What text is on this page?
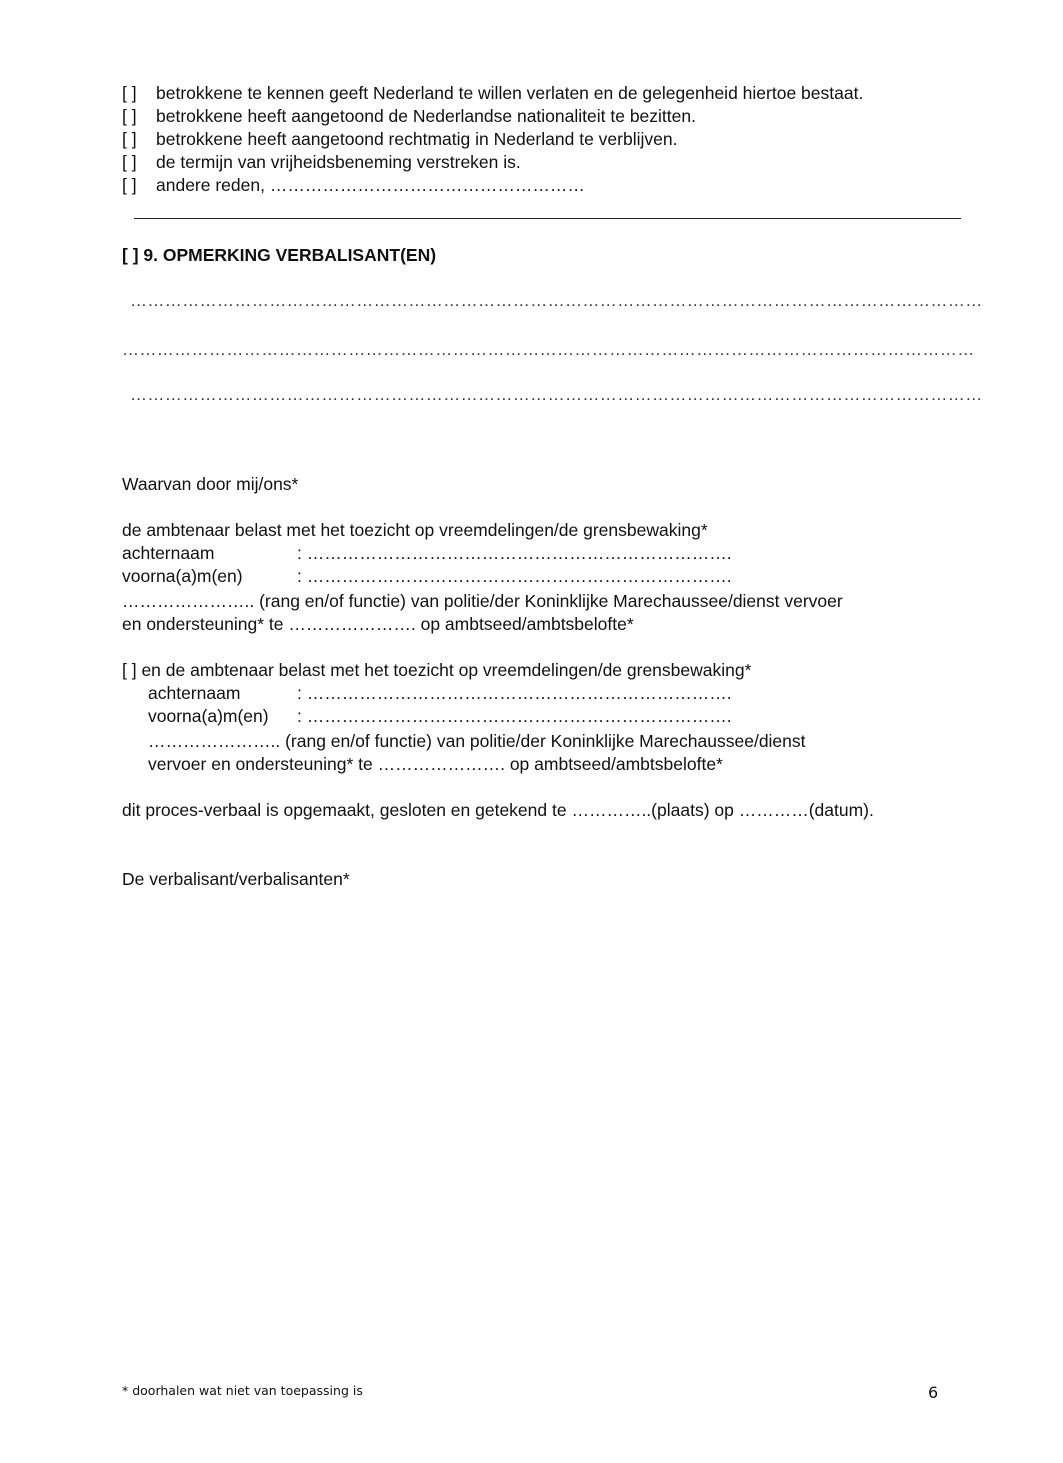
[ ] betrokkene te kennen geeft Nederland te willen verlaten en de gelegenheid hiertoe bestaat.
[ ] betrokkene heeft aangetoond de Nederlandse nationaliteit te bezitten.
[ ] betrokkene heeft aangetoond rechtmatig in Nederland te verblijven.
[ ] de termijn van vrijheidsbeneming verstreken is.
[ ] andere reden, ………………………………………………
[ ] 9. OPMERKING VERBALISANT(EN)
…………………………………………………………………………………………………………………………………
…………………………………………………………………………………………………………………………………
…………………………………………………………………………………………………………………………………
Waarvan door mij/ons*
de ambtenaar belast met het toezicht op vreemdelingen/de grensbewaking*
achternaam	: ……………………………………………………………….
voorna(a)m(en)	: ……………………………………………………………….
………………….. (rang en/of functie) van politie/der Koninklijke Marechaussee/dienst vervoer
en ondersteuning* te …………………. op ambtseed/ambtsbelofte*
[ ] en de ambtenaar belast met het toezicht op vreemdelingen/de grensbewaking*
achternaam	: ……………………………………………………………….
voorna(a)m(en) : ……………………………………………………………….
………………….. (rang en/of functie) van politie/der Koninklijke Marechaussee/dienst
vervoer en ondersteuning* te …………………. op ambtseed/ambtsbelofte*
dit proces-verbaal is opgemaakt, gesloten en getekend te …………..(plaats) op …………(datum).
De verbalisant/verbalisanten*
* doorhalen wat niet van toepassing is	6
